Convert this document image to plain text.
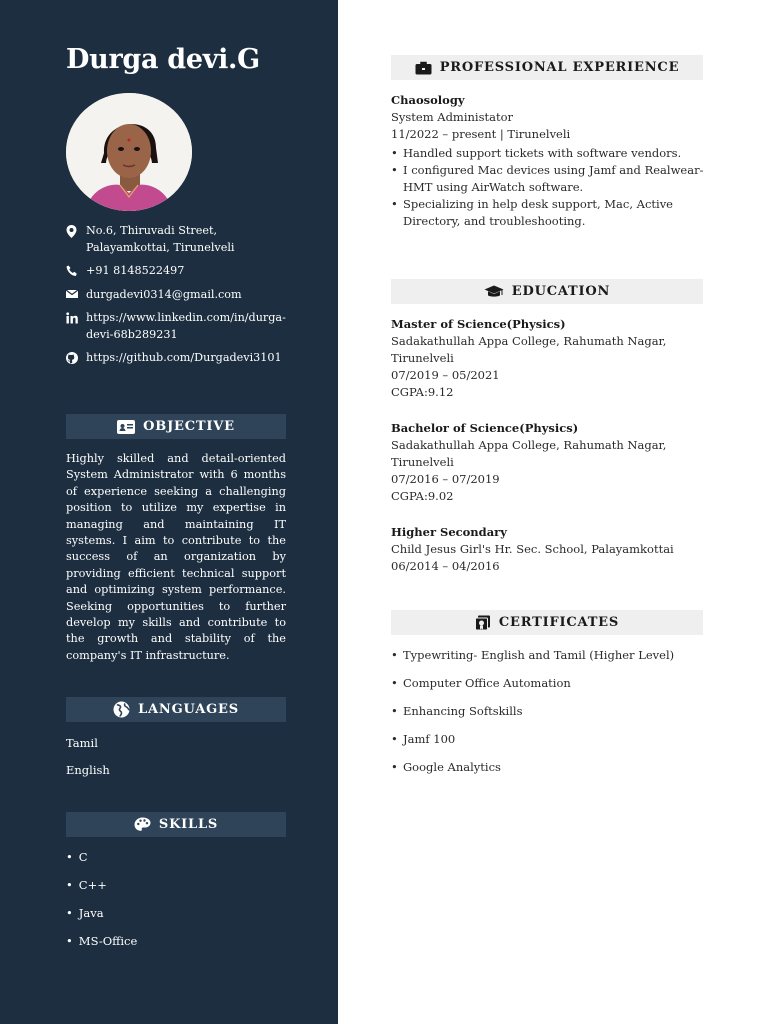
Durga devi.G
No.6, Thiruvadi Street,
Palayamkottai, Tirunelveli
+91 8148522497
durgadevi0314@gmail.com
https://www.linkedin.com/in/durga-
devi-68b289231
https://github.com/Durgadevi3101
OBJECTIVE
Highly skilled and detail-oriented System Administrator with 6 months of experience seeking a challenging position to utilize my expertise in managing and maintaining IT systems. I aim to contribute to the success of an organization by providing efficient technical support and optimizing system performance. Seeking opportunities to further develop my skills and contribute to the growth and stability of the company's IT infrastructure.
LANGUAGES
Tamil
English
SKILLS
• C
• C++
• Java
• MS-Office
PROFESSIONAL EXPERIENCE
Chaosology
System Administator
11/2022 – present | Tirunelveli
• Handled support tickets with software vendors.
• I configured Mac devices using Jamf and Realwear-HMT using AirWatch software.
• Specializing in help desk support, Mac, Active Directory, and troubleshooting.
EDUCATION
Master of Science(Physics)
Sadakathullah Appa College, Rahumath Nagar, Tirunelveli
07/2019 – 05/2021
CGPA:9.12
Bachelor of Science(Physics)
Sadakathullah Appa College, Rahumath Nagar, Tirunelveli
07/2016 – 07/2019
CGPA:9.02
Higher Secondary
Child Jesus Girl's Hr. Sec. School, Palayamkottai
06/2014 – 04/2016
CERTIFICATES
• Typewriting- English and Tamil (Higher Level)
• Computer Office Automation
• Enhancing Softskills
• Jamf 100
• Google Analytics
